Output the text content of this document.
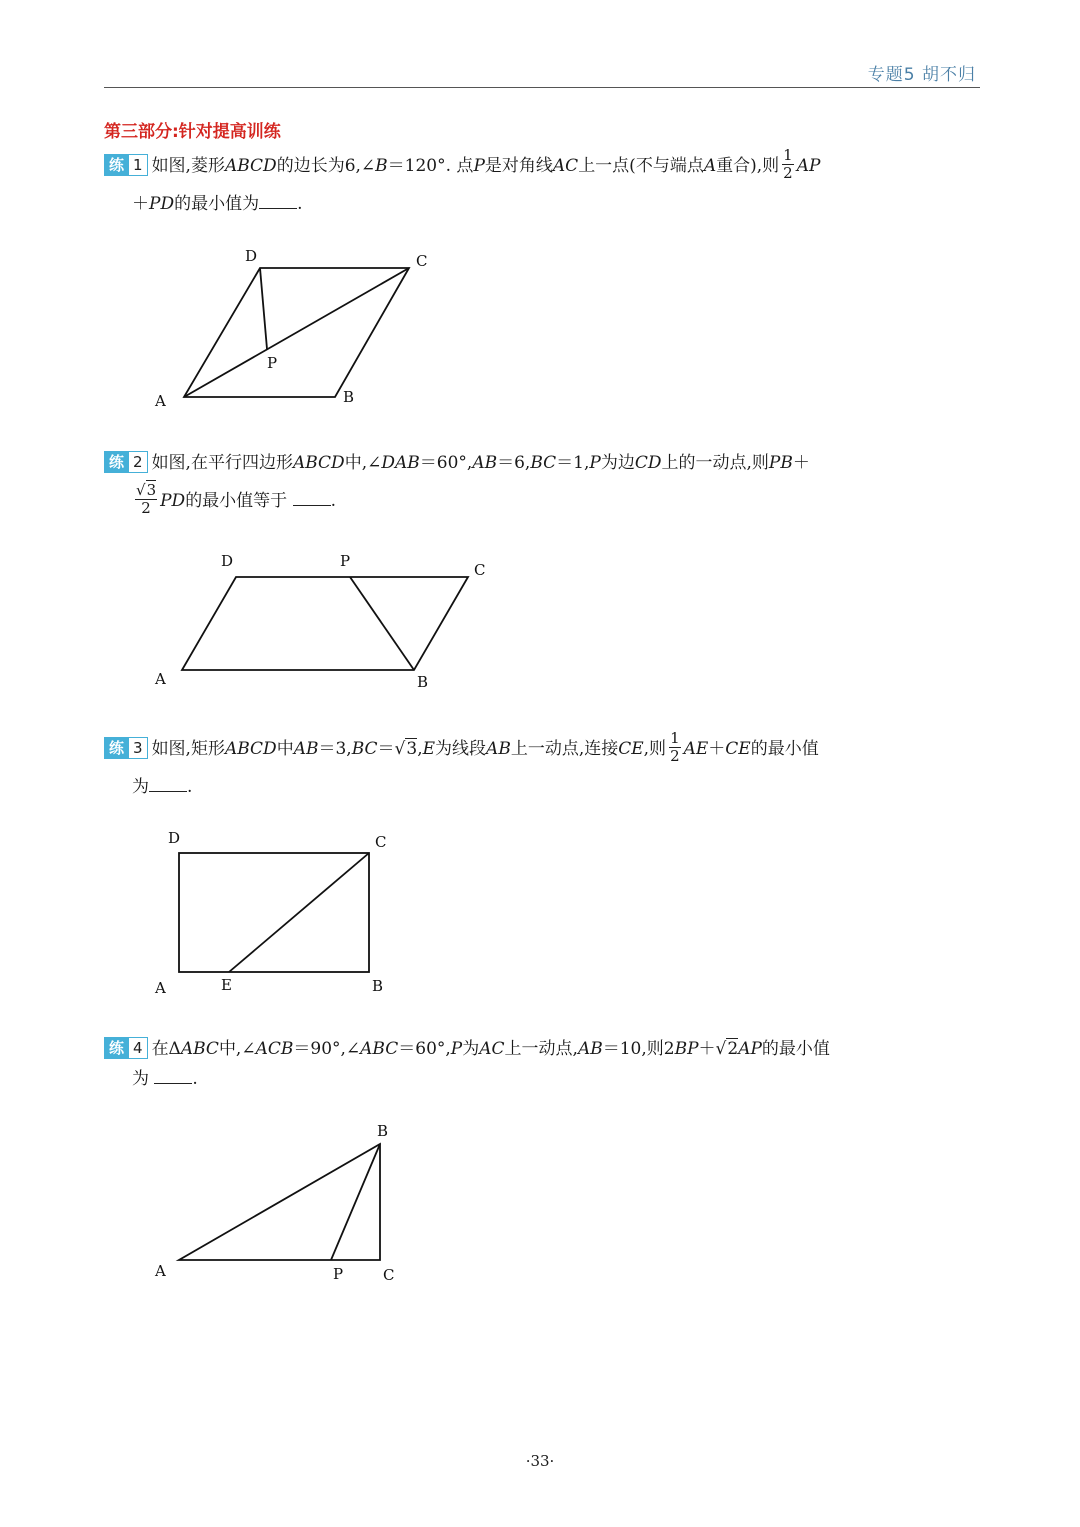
专题5 胡不归
第三部分:针对提高训练
练 1 如图,菱形ABCD的边长为6,∠B＝120°. 点P是对角线AC上一点(不与端点A重合),则 $\frac{1}{2}$ AP
＋PD的最小值为 .
练 2 如图,在平行四边形ABCD中,∠DAB＝60°,AB＝6,BC＝1,P为边CD上的一动点,则PB＋
$\frac{√3}{2}$ PD的最小值等于	.
练 3 如图,矩形ABCD中AB＝3,BC＝√3,E为线段AB上一动点,连接CE,则 $\frac{1}{2} AE+CE$的最小值
为 .
练 4 在ΔABC中,∠ACB＝90°,∠ABC＝60°,P为AC上一动点,AB＝10,则2BP＋√2AP的最小值
为	.
A	B
C
D
P
A	B
C
D	P
A	B
C
D
E
A
B
C
P
·33·
